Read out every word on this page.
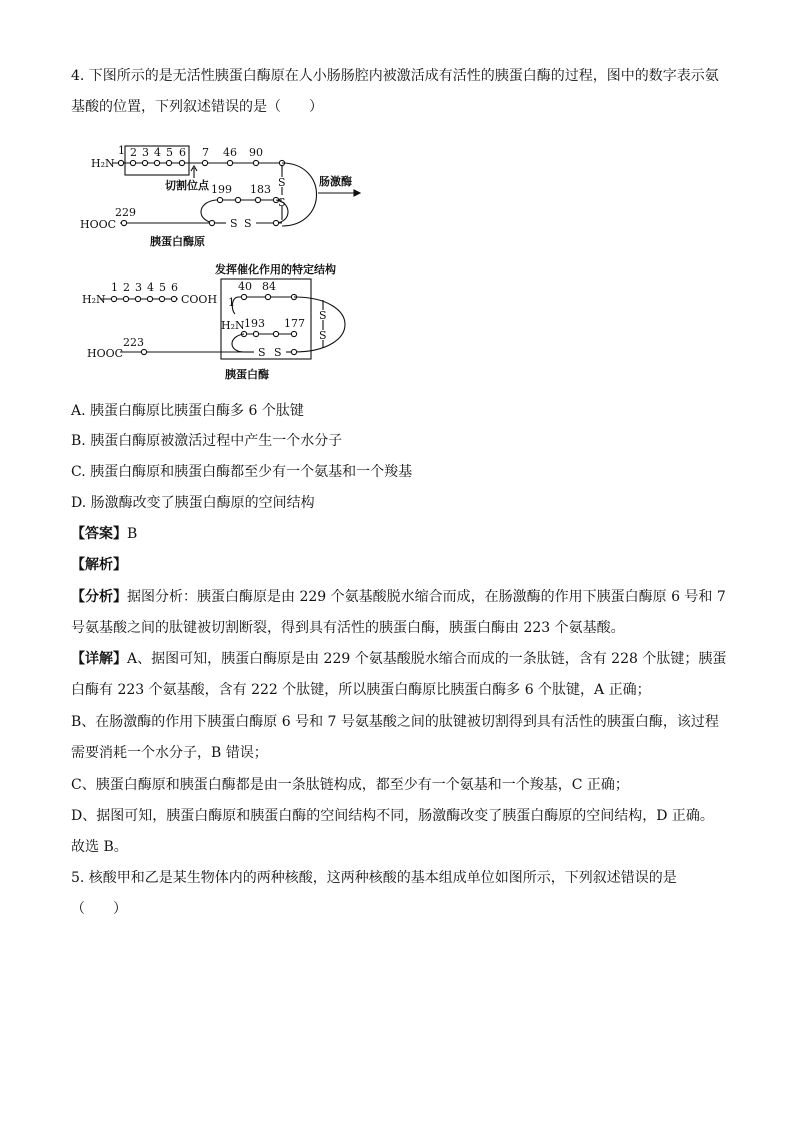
4. 下图所示的是无活性胰蛋白酶原在人小肠肠腔内被激活成有活性的胰蛋白酶的过程，图中的数字表示氨

基酸的位置，下列叙述错误的是（　　）

H₂N
1 2 3 4 5 6 7 46 90
S
S
切割位点	肠激酶
199 183
S S
229
HOOC
胰蛋白酶原
发挥催化作用的特定结构
H₂N
1 2 3 4 5 6
COOH 1
40 84
H₂N 193 177
S
S
S S
223
HOOC
胰蛋白酶

A. 胰蛋白酶原比胰蛋白酶多 6 个肽键

B. 胰蛋白酶原被激活过程中产生一个水分子

C. 胰蛋白酶原和胰蛋白酶都至少有一个氨基和一个羧基

D. 肠激酶改变了胰蛋白酶原的空间结构

【答案】B

【解析】

【分析】据图分析：胰蛋白酶原是由 229 个氨基酸脱水缩合而成，在肠激酶的作用下胰蛋白酶原 6 号和 7

号氨基酸之间的肽键被切割断裂，得到具有活性的胰蛋白酶，胰蛋白酶由 223 个氨基酸。

【详解】A、据图可知，胰蛋白酶原是由 229 个氨基酸脱水缩合而成的一条肽链，含有 228 个肽键；胰蛋

白酶有 223 个氨基酸，含有 222 个肽键，所以胰蛋白酶原比胰蛋白酶多 6 个肽键，A 正确；

B、在肠激酶的作用下胰蛋白酶原 6 号和 7 号氨基酸之间的肽键被切割得到具有活性的胰蛋白酶，该过程

需要消耗一个水分子，B 错误；

C、胰蛋白酶原和胰蛋白酶都是由一条肽链构成，都至少有一个氨基和一个羧基，C 正确；

D、据图可知，胰蛋白酶原和胰蛋白酶的空间结构不同，肠激酶改变了胰蛋白酶原的空间结构，D 正确。

故选 B。

5. 核酸甲和乙是某生物体内的两种核酸，这两种核酸的基本组成单位如图所示，下列叙述错误的是

（　　）
